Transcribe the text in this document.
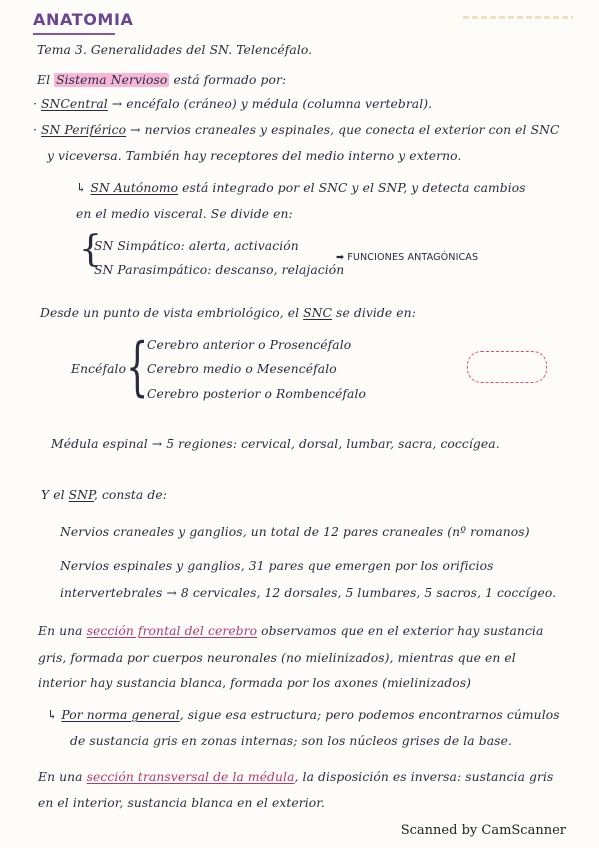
ANATOMIA
Tema 3. Generalidades del SN. Telencéfalo.
El Sistema Nervioso está formado por:
· SNCentral → encéfalo (cráneo) y médula (columna vertebral).
· SN Periférico → nervios craneales y espinales, que conecta el exterior con el SNC
y viceversa. También hay receptores del medio interno y externo.
↳ SN Autónomo está integrado por el SNC y el SNP, y detecta cambios
en el medio visceral. Se divide en:
{
SN Simpático: alerta, activación
SN Parasimpático: descanso, relajación
➡ FUNCIONES ANTAGÓNICAS
Desde un punto de vista embriológico, el SNC se divide en:
Encéfalo {
Cerebro anterior o Prosencéfalo
Cerebro medio o Mesencéfalo
Cerebro posterior o Rombencéfalo
Médula espinal → 5 regiones: cervical, dorsal, lumbar, sacra, coccígea.
Y el SNP, consta de:
Nervios craneales y ganglios, un total de 12 pares craneales (nº romanos)
Nervios espinales y ganglios, 31 pares que emergen por los orificios
intervertebrales → 8 cervicales, 12 dorsales, 5 lumbares, 5 sacros, 1 coccígeo.
En una sección frontal del cerebro observamos que en el exterior hay sustancia
gris, formada por cuerpos neuronales (no mielinizados), mientras que en el
interior hay sustancia blanca, formada por los axones (mielinizados)
↳ Por norma general, sigue esa estructura; pero podemos encontrarnos cúmulos
de sustancia gris en zonas internas; son los núcleos grises de la base.
En una sección transversal de la médula, la disposición es inversa: sustancia gris
en el interior, sustancia blanca en el exterior.
Scanned by CamScanner
